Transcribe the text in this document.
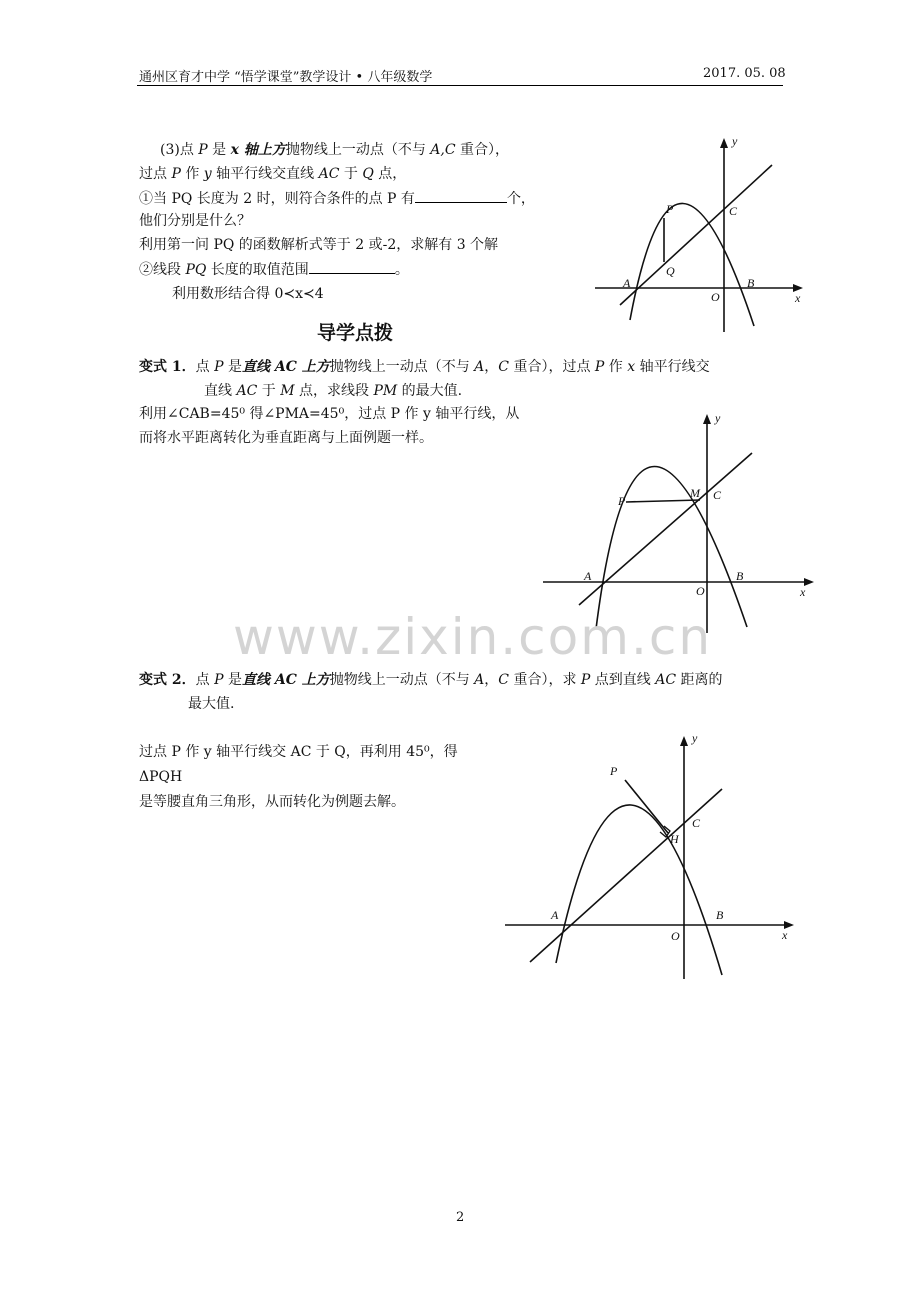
通州区育才中学 “悟学课堂”教学设计 • 八年级数学	2017. 05. 08
(3)点 P 是 x 轴上方抛物线上一动点（不与 A,C 重合），
过点 P 作 y 轴平行线交直线 AC 于 Q 点，
①当 PQ 长度为 2 时，则符合条件的点 P 有	个，
他们分别是什么？
利用第一问 PQ 的函数解析式等于 2 或-2，求解有 3 个解
②线段 PQ 长度的取值范围	。
利用数形结合得 0≺x≺4
y
x
O
A	B
C
P
Q
导学点拨
变式 1．点 P 是直线 AC 上方抛物线上一动点（不与 A，C 重合），过点 P 作 x 轴平行线交
直线 AC 于 M 点，求线段 PM 的最大值.
利用∠CAB=45⁰ 得∠PMA=45⁰，过点 P 作 y 轴平行线，从
而将水平距离转化为垂直距离与上面例题一样。
y
x
O
A	B
C
P
M
www.zixin.com.cn
变式 2．点 P 是直线 AC 上方抛物线上一动点（不与 A，C 重合），求 P 点到直线 AC 距离的
最大值.
过点 P 作 y 轴平行线交 AC 于 Q，再利用 45⁰，得
ΔPQH
是等腰直角三角形，从而转化为例题去解。
y
x
O
A	B
C
P
H
2
